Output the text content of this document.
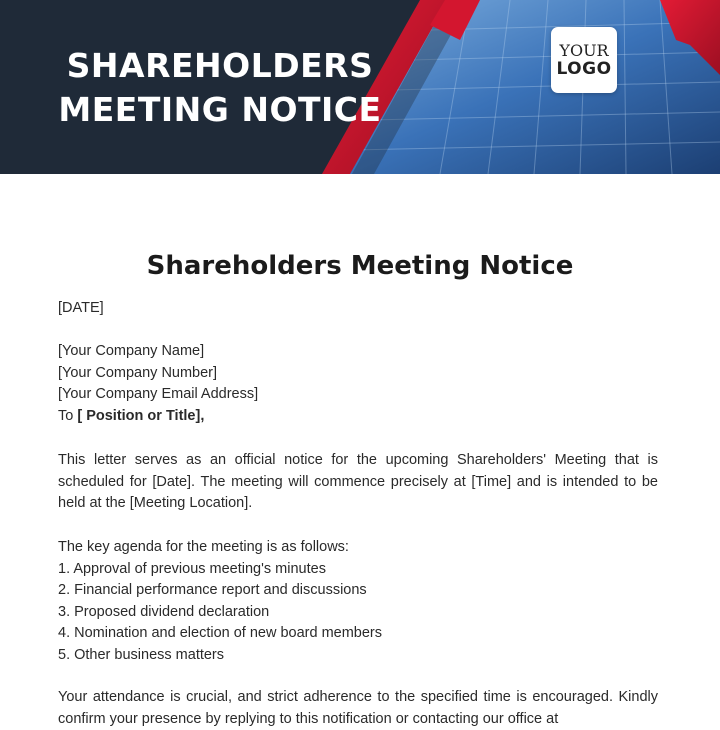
SHAREHOLDERS
MEETING NOTICE
YOUR
LOGO
Shareholders Meeting Notice

[DATE]

[Your Company Name]

[Your Company Number]

[Your Company Email Address]

To [ Position or Title],

This letter serves as an official notice for the upcoming Shareholders' Meeting that is scheduled for [Date]. The meeting will commence precisely at [Time] and is intended to be held at the [Meeting Location].

The key agenda for the meeting is as follows:

1. Approval of previous meeting's minutes

2. Financial performance report and discussions

3. Proposed dividend declaration

4. Nomination and election of new board members

5. Other business matters

Your attendance is crucial, and strict adherence to the specified time is encouraged. Kindly confirm your presence by replying to this notification or contacting our office at
